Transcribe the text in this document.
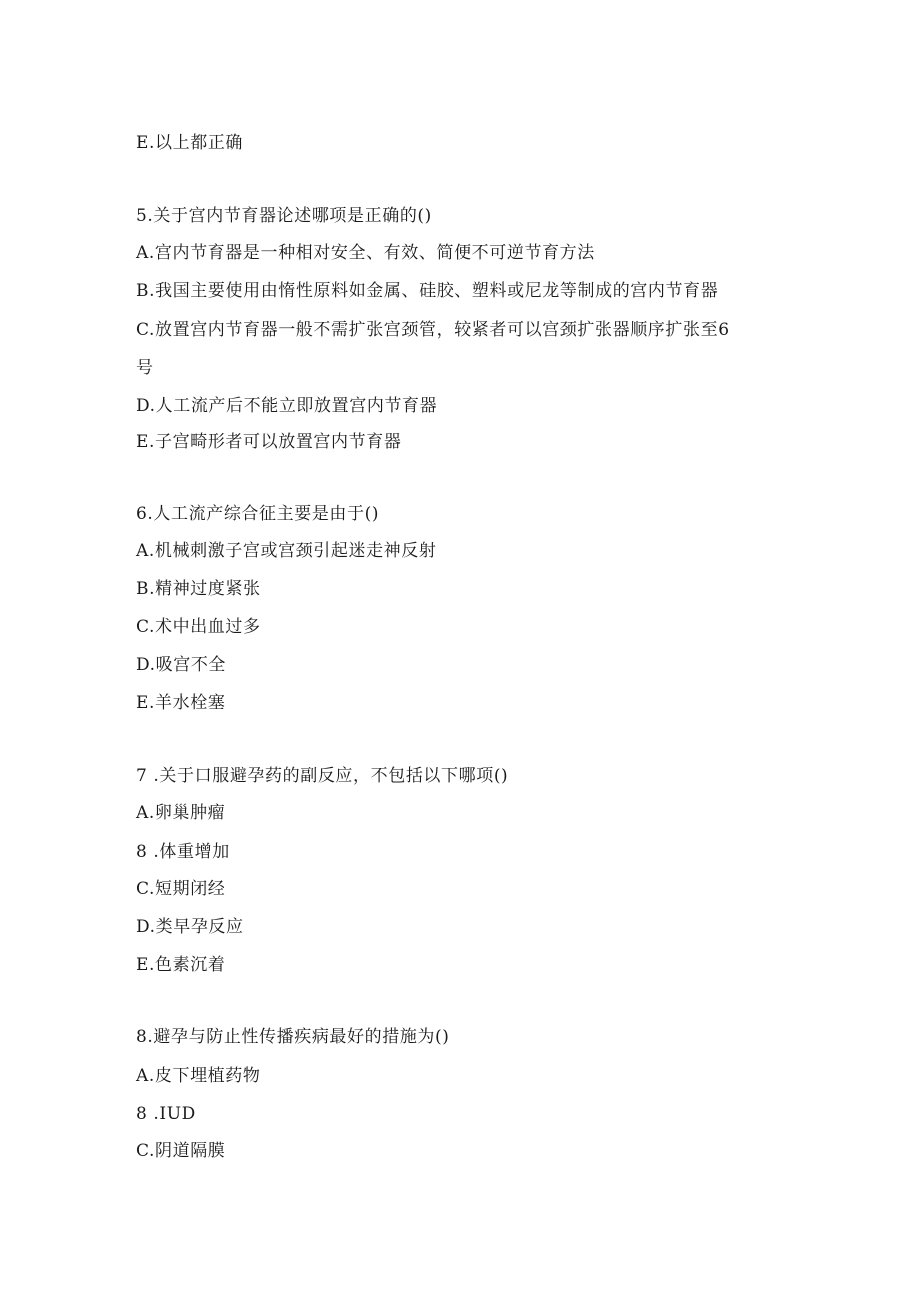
E.以上都正确
5.关于宫内节育器论述哪项是正确的()
A.宫内节育器是一种相对安全、有效、简便不可逆节育方法
B.我国主要使用由惰性原料如金属、硅胶、塑料或尼龙等制成的宫内节育器
C.放置宫内节育器一般不需扩张宫颈管，较紧者可以宫颈扩张器顺序扩张至6
号
D.人工流产后不能立即放置宫内节育器
E.子宫畸形者可以放置宫内节育器
6.人工流产综合征主要是由于()
A.机械刺激子宫或宫颈引起迷走神反射
B.精神过度紧张
C.术中出血过多
D.吸宫不全
E.羊水栓塞
7 .关于口服避孕药的副反应，不包括以下哪项()
A.卵巢肿瘤
8 .体重增加
C.短期闭经
D.类早孕反应
E.色素沉着
8.避孕与防止性传播疾病最好的措施为()
A.皮下埋植药物
8 .IUD
C.阴道隔膜
